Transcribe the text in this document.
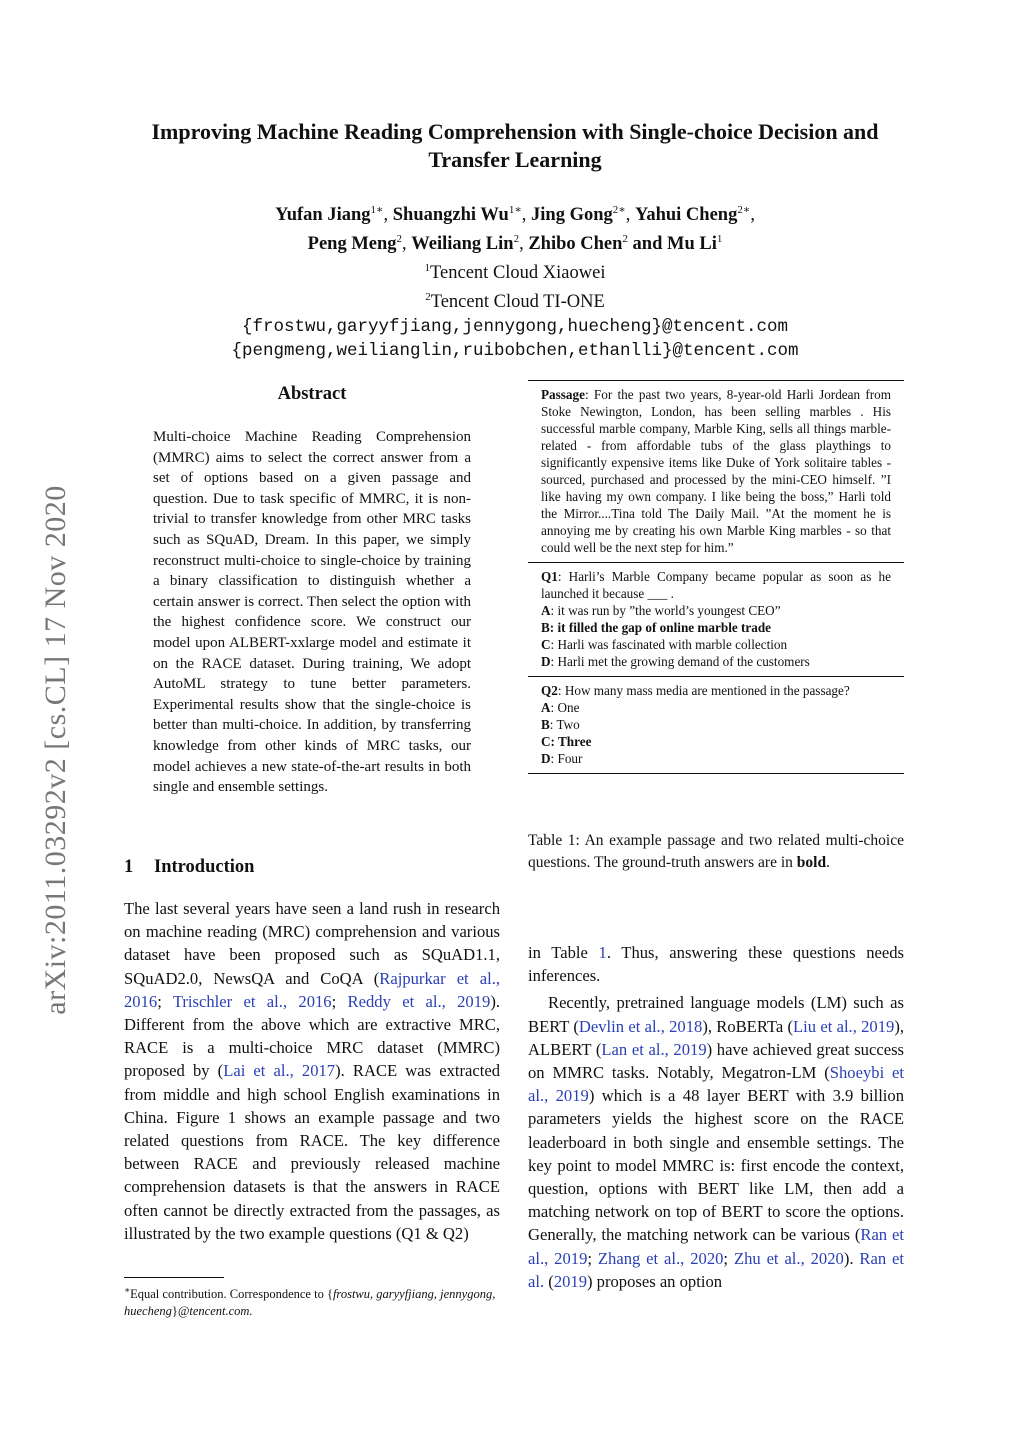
arXiv:2011.03292v2 [cs.CL] 17 Nov 2020
Improving Machine Reading Comprehension with Single-choice Decision and Transfer Learning
Yufan Jiang$^{1∗}$, Shuangzhi $Wu^{1∗}$, Jing Gong$^{2∗}$, Yahui Cheng$^{2∗}$,
Peng Meng$^2$, Weiliang Lin$^2$, Zhibo Chen$^2$ and Mu Li$^1$
$^1$Tencent Cloud Xiaowei
$^2$Tencent Cloud TI-ONE
{frostwu,garyyfjiang,jennygong,huecheng}@tencent.com
{pengmeng,weilianglin,ruibobchen,ethanlli}@tencent.com
Abstract
Multi-choice Machine Reading Comprehension (MMRC) aims to select the correct answer from a set of options based on a given passage and question. Due to task specific of MMRC, it is non-trivial to transfer knowledge from other MRC tasks such as SQuAD, Dream. In this paper, we simply reconstruct multi-choice to single-choice by training a binary classification to distinguish whether a certain answer is correct. Then select the option with the highest confidence score. We construct our model upon ALBERT-xxlarge model and estimate it on the RACE dataset. During training, We adopt AutoML strategy to tune better parameters. Experimental results show that the single-choice is better than multi-choice. In addition, by transferring knowledge from other kinds of MRC tasks, our model achieves a new state-of-the-art results in both single and ensemble settings.
1 Introduction
The last several years have seen a land rush in research on machine reading (MRC) comprehension and various dataset have been proposed such as SQuAD1.1, SQuAD2.0, NewsQA and CoQA (Rajpurkar et al., 2016; Trischler et al., 2016; Reddy et al., 2019). Different from the above which are extractive MRC, RACE is a multi-choice MRC dataset (MMRC) proposed by (Lai et al., 2017). RACE was extracted from middle and high school English examinations in China. Figure 1 shows an example passage and two related questions from RACE. The key difference between RACE and previously released machine comprehension datasets is that the answers in RACE often cannot be directly extracted from the passages, as illustrated by the two example questions (Q1 & Q2)
∗Equal contribution. Correspondence to {frostwu, garyyfjiang, jennygong, huecheng}@tencent.com.
Passage: For the past two years, 8-year-old Harli Jordean from Stoke Newington, London, has been selling marbles . His successful marble company, Marble King, sells all things marble-related - from affordable tubs of the glass playthings to significantly expensive items like Duke of York solitaire tables - sourced, purchased and processed by the mini-CEO himself. ”I like having my own company. I like being the boss,” Harli told the Mirror....Tina told The Daily Mail. ”At the moment he is annoying me by creating his own Marble King marbles - so that could well be the next step for him.”
Q1: Harli’s Marble Company became popular as soon as he launched it because ___ .
A: it was run by ”the world’s youngest CEO”
B: it filled the gap of online marble trade
C: Harli was fascinated with marble collection
D: Harli met the growing demand of the customers
Q2: How many mass media are mentioned in the passage?
A: One
B: Two
C: Three
D: Four
Table 1: An example passage and two related multi-choice questions. The ground-truth answers are in bold.
in Table 1. Thus, answering these questions needs inferences.
Recently, pretrained language models (LM) such as BERT (Devlin et al., 2018), RoBERTa (Liu et al., 2019), ALBERT (Lan et al., 2019) have achieved great success on MMRC tasks. Notably, Megatron-LM (Shoeybi et al., 2019) which is a 48 layer BERT with 3.9 billion parameters yields the highest score on the RACE leaderboard in both single and ensemble settings. The key point to model MMRC is: first encode the context, question, options with BERT like LM, then add a matching network on top of BERT to score the options. Generally, the matching network can be various (Ran et al., 2019; Zhang et al., 2020; Zhu et al., 2020). Ran et al. (2019) proposes an option
